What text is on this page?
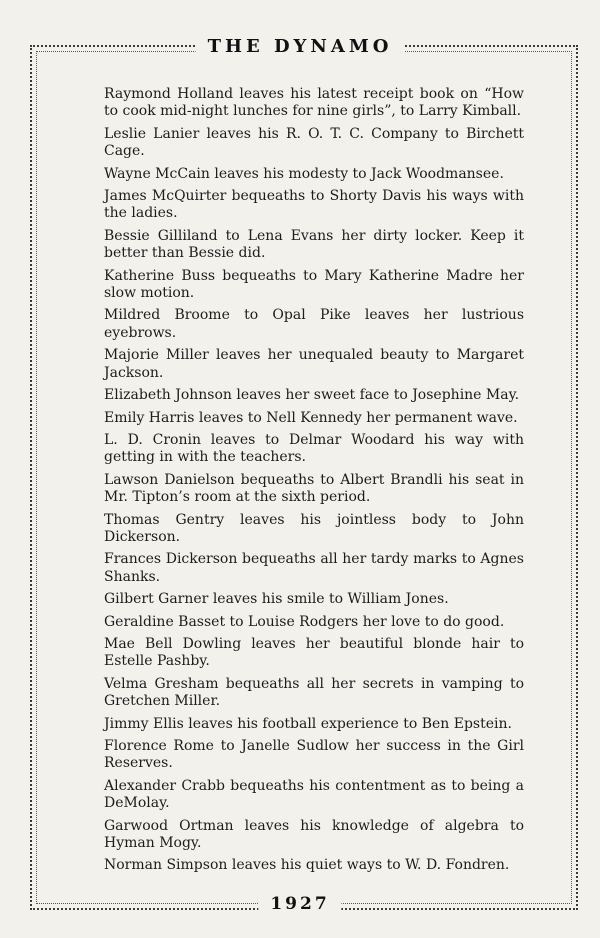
THE DYNAMO

Raymond Holland leaves his latest receipt book on “How to cook mid-night lunches for nine girls”, to Larry Kimball.

Leslie Lanier leaves his R. O. T. C. Company to Birchett Cage.

Wayne McCain leaves his modesty to Jack Woodmansee.

James McQuirter bequeaths to Shorty Davis his ways with the ladies.

Bessie Gilliland to Lena Evans her dirty locker. Keep it better than Bessie did.

Katherine Buss bequeaths to Mary Katherine Madre her slow motion.

Mildred Broome to Opal Pike leaves her lustrious eyebrows.

Majorie Miller leaves her unequaled beauty to Margaret Jackson.

Elizabeth Johnson leaves her sweet face to Josephine May.

Emily Harris leaves to Nell Kennedy her permanent wave.

L. D. Cronin leaves to Delmar Woodard his way with getting in with the teachers.

Lawson Danielson bequeaths to Albert Brandli his seat in Mr. Tipton’s room at the sixth period.

Thomas Gentry leaves his jointless body to John Dickerson.

Frances Dickerson bequeaths all her tardy marks to Agnes Shanks.

Gilbert Garner leaves his smile to William Jones.

Geraldine Basset to Louise Rodgers her love to do good.

Mae Bell Dowling leaves her beautiful blonde hair to Estelle Pashby.

Velma Gresham bequeaths all her secrets in vamping to Gretchen Miller.

Jimmy Ellis leaves his football experience to Ben Epstein.

Florence Rome to Janelle Sudlow her success in the Girl Reserves.

Alexander Crabb bequeaths his contentment as to being a DeMolay.

Garwood Ortman leaves his knowledge of algebra to Hyman Mogy.

Norman Simpson leaves his quiet ways to W. D. Fondren.

1927
